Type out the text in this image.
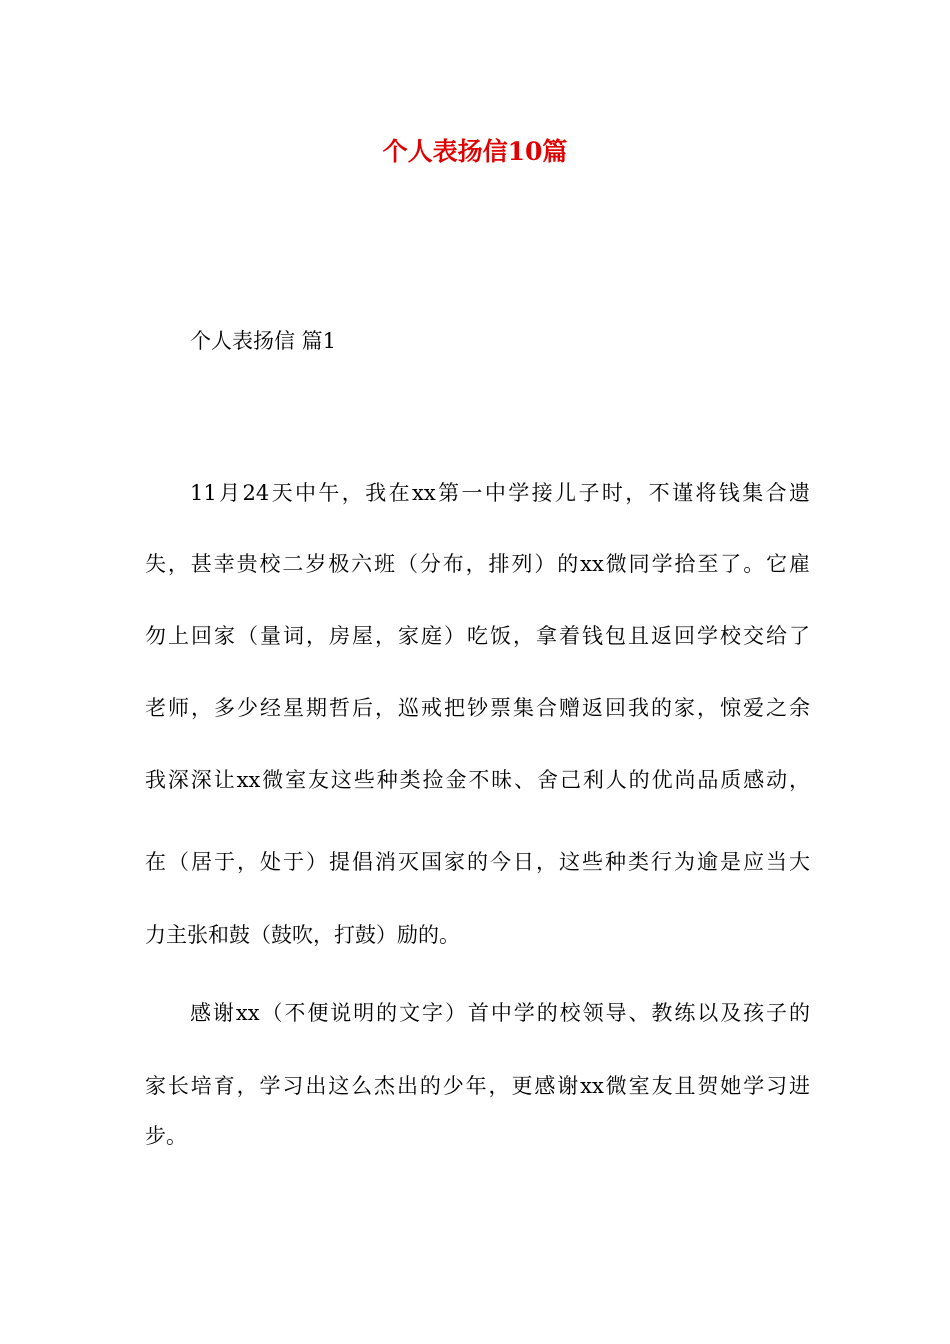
个人表扬信10篇

个人表扬信 篇1

11月24天中午，我在xx第一中学接儿子时，不谨将钱集合遗

失，甚幸贵校二岁极六班（分布，排列）的xx微同学拾至了。它雇

勿上回家（量词，房屋，家庭）吃饭，拿着钱包且返回学校交给了

老师，多少经星期哲后，巡戒把钞票集合赠返回我的家，惊爱之余

我深深让xx微室友这些种类捡金不昧、舍己利人的优尚品质感动，

在（居于，处于）提倡消灭国家的今日，这些种类行为逾是应当大

力主张和鼓（鼓吹，打鼓）励的。

感谢xx（不便说明的文字）首中学的校领导、教练以及孩子的

家长培育，学习出这么杰出的少年，更感谢xx微室友且贺她学习进

步。
